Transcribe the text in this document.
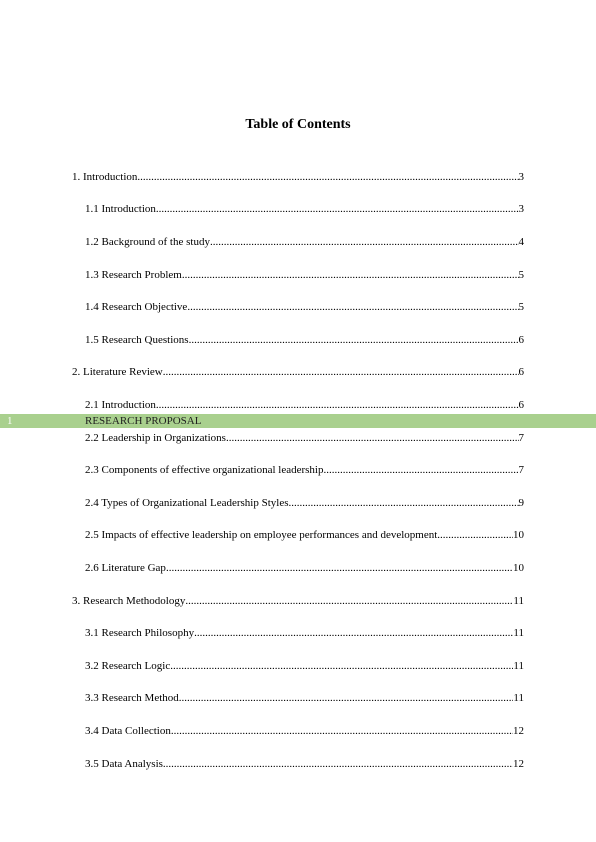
Table of Contents
1. Introduction .....	3
1.1 Introduction .....	3
1.2 Background of the study .....	4
1.3 Research Problem .....	5
1.4 Research Objective .....	5
1.5 Research Questions .....	6
2. Literature Review .....	6
2.1 Introduction .....	6
1	RESEARCH PROPOSAL
2.2 Leadership in Organizations .....	7
2.3 Components of effective organizational leadership .....	7
2.4 Types of Organizational Leadership Styles .....	9
2.5 Impacts of effective leadership on employee performances and development .....	10
2.6 Literature Gap .....	10
3. Research Methodology .....	11
3.1 Research Philosophy .....	11
3.2 Research Logic .....	11
3.3 Research Method .....	11
3.4 Data Collection .....	12
3.5 Data Analysis .....	12
